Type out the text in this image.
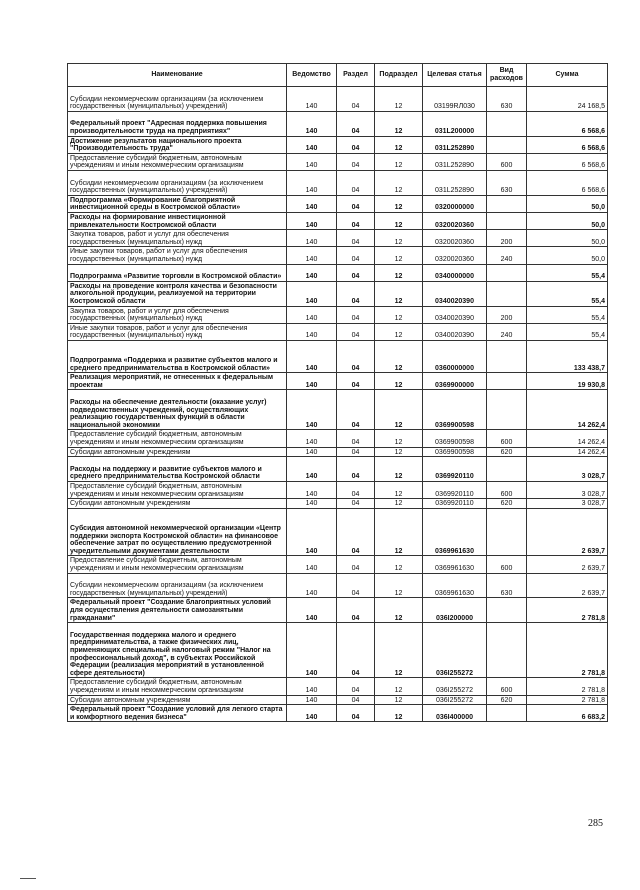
Наименование	Ведомство	Раздел	Подраздел	Целевая статья	Вид расходов	Сумма
Субсидии некоммерческим организациям (за исключением государственных (муниципальных) учреждений)	140	04	12	03199RЛ030	630	24 168,5
Федеральный проект "Адресная поддержка повышения производительности труда на предприятиях"	140	04	12	031L200000		6 568,6
Достижение результатов национального проекта "Производительность труда"	140	04	12	031L252890		6 568,6
Предоставление субсидий бюджетным, автономным учреждениям и иным некоммерческим организациям	140	04	12	031L252890	600	6 568,6
Субсидии некоммерческим организациям (за исключением государственных (муниципальных) учреждений)	140	04	12	031L252890	630	6 568,6
Подпрограмма «Формирование благоприятной инвестиционной среды в Костромской области»	140	04	12	0320000000		50,0
Расходы на формирование инвестиционной привлекательности Костромской области	140	04	12	0320020360		50,0
Закупка товаров, работ и услуг для обеспечения государственных (муниципальных) нужд	140	04	12	0320020360	200	50,0
Иные закупки товаров, работ и услуг для обеспечения государственных (муниципальных) нужд	140	04	12	0320020360	240	50,0
Подпрограмма «Развитие торговли в Костромской области»	140	04	12	0340000000		55,4
Расходы на проведение контроля качества и безопасности алкогольной продукции, реализуемой на территории Костромской области	140	04	12	0340020390		55,4
Закупка товаров, работ и услуг для обеспечения государственных (муниципальных) нужд	140	04	12	0340020390	200	55,4
Иные закупки товаров, работ и услуг для обеспечения государственных (муниципальных) нужд	140	04	12	0340020390	240	55,4
Подпрограмма «Поддержка и развитие субъектов малого и среднего предпринимательства в Костромской области»	140	04	12	0360000000		133 438,7
Реализация мероприятий, не отнесенных к федеральным проектам	140	04	12	0369900000		19 930,8
Расходы на обеспечение деятельности (оказание услуг) подведомственных учреждений, осуществляющих реализацию государственных функций в области национальной экономики	140	04	12	0369900598		14 262,4
Предоставление субсидий бюджетным, автономным учреждениям и иным некоммерческим организациям	140	04	12	0369900598	600	14 262,4
Субсидии автономным учреждениям	140	04	12	0369900598	620	14 262,4
Расходы на поддержку и развитие субъектов малого и среднего предпринимательства Костромской области	140	04	12	0369920110		3 028,7
Предоставление субсидий бюджетным, автономным учреждениям и иным некоммерческим организациям	140	04	12	0369920110	600	3 028,7
Субсидии автономным учреждениям	140	04	12	0369920110	620	3 028,7
Субсидия автономной некоммерческой организации «Центр поддержки экспорта Костромской области» на финансовое обеспечение затрат по осуществлению предусмотренной учредительными документами деятельности	140	04	12	0369961630		2 639,7
Предоставление субсидий бюджетным, автономным учреждениям и иным некоммерческим организациям	140	04	12	0369961630	600	2 639,7
Субсидии некоммерческим организациям (за исключением государственных (муниципальных) учреждений)	140	04	12	0369961630	630	2 639,7
Федеральный проект "Создание благоприятных условий для осуществления деятельности самозанятыми гражданами"	140	04	12	036I200000		2 781,8
Государственная поддержка малого и среднего предпринимательства, а также физических лиц, применяющих специальный налоговый режим "Налог на профессиональный доход", в субъектах Российской Федерации (реализация мероприятий в установленной сфере деятельности)	140	04	12	036I255272		2 781,8
Предоставление субсидий бюджетным, автономным учреждениям и иным некоммерческим организациям	140	04	12	036I255272	600	2 781,8
Субсидии автономным учреждениям	140	04	12	036I255272	620	2 781,8
Федеральный проект "Создание условий для легкого старта и комфортного ведения бизнеса"	140	04	12	036I400000		6 683,2
285
